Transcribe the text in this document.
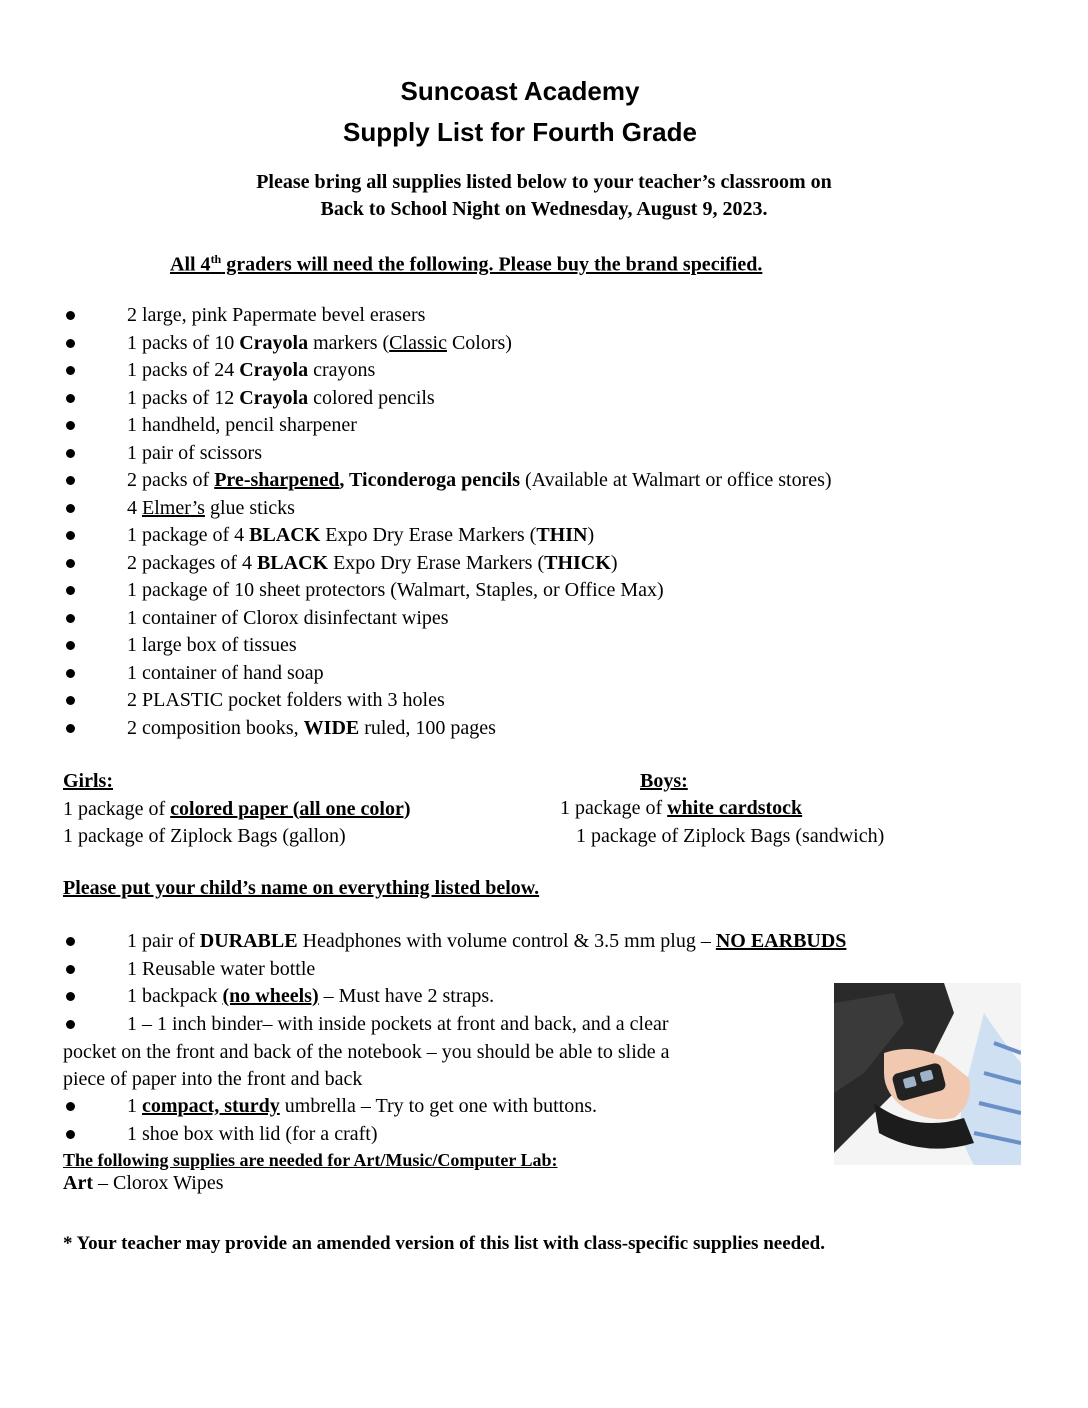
Suncoast Academy
Supply List for Fourth Grade
Please bring all supplies listed below to your teacher’s classroom on
Back to School Night on Wednesday, August 9, 2023.
All 4th graders will need the following. Please buy the brand specified.
2 large, pink Papermate bevel erasers
1 packs of 10 Crayola markers (Classic Colors)
1 packs of 24 Crayola crayons
1 packs of 12 Crayola colored pencils
1 handheld, pencil sharpener
1 pair of scissors
2 packs of Pre-sharpened, Ticonderoga pencils (Available at Walmart or office stores)
4 Elmer’s glue sticks
1 package of 4 BLACK Expo Dry Erase Markers (THIN)
2 packages of 4 BLACK Expo Dry Erase Markers (THICK)
1 package of 10 sheet protectors (Walmart, Staples, or Office Max)
1 container of Clorox disinfectant wipes
1 large box of tissues
1 container of hand soap
2 PLASTIC pocket folders with 3 holes
2 composition books, WIDE ruled, 100 pages
Girls:
1 package of colored paper (all one color)
1 package of Ziplock Bags (gallon)
Boys:
1 package of white cardstock
1 package of Ziplock Bags (sandwich)
Please put your child’s name on everything listed below.
1 pair of DURABLE Headphones with volume control & 3.5 mm plug – NO EARBUDS
1 Reusable water bottle
1 backpack (no wheels) – Must have 2 straps.
1 – 1 inch binder– with inside pockets at front and back, and a clear
pocket on the front and back of the notebook – you should be able to slide a
piece of paper into the front and back
1 compact, sturdy umbrella – Try to get one with buttons.
1 shoe box with lid (for a craft)
The following supplies are needed for Art/Music/Computer Lab:
Art – Clorox Wipes
* Your teacher may provide an amended version of this list with class-specific supplies needed.
